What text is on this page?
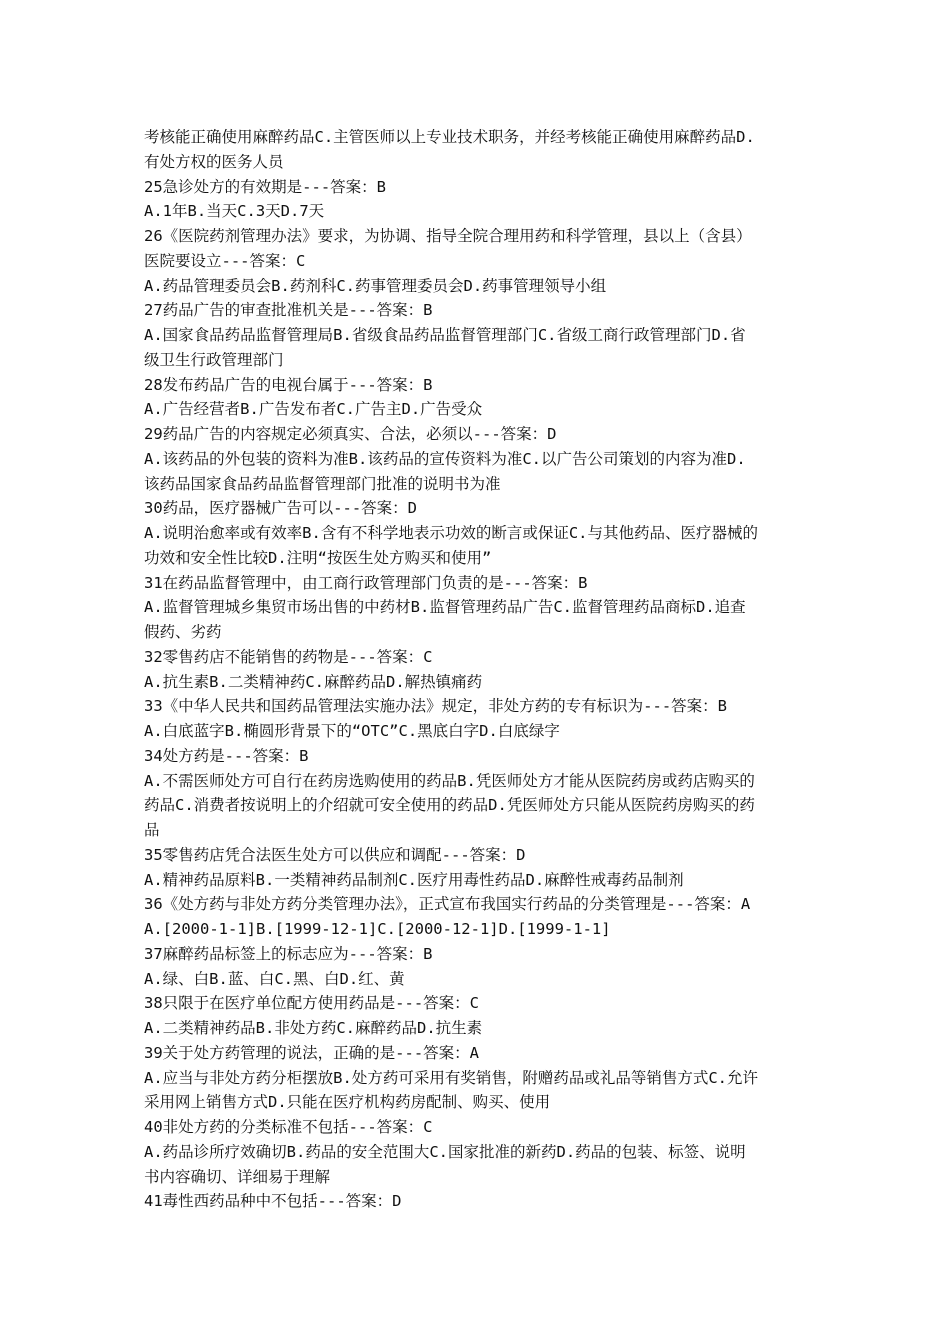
考核能正确使用麻醉药品C.主管医师以上专业技术职务，并经考核能正确使用麻醉药品D.
有处方权的医务人员
25急诊处方的有效期是---答案：B
A.1年B.当天C.3天D.7天
26《医院药剂管理办法》要求，为协调、指导全院合理用药和科学管理，县以上（含县）
医院要设立---答案：C
A.药品管理委员会B.药剂科C.药事管理委员会D.药事管理领导小组
27药品广告的审查批准机关是---答案：B
A.国家食品药品监督管理局B.省级食品药品监督管理部门C.省级工商行政管理部门D.省
级卫生行政管理部门
28发布药品广告的电视台属于---答案：B
A.广告经营者B.广告发布者C.广告主D.广告受众
29药品广告的内容规定必须真实、合法，必须以---答案：D
A.该药品的外包装的资料为准B.该药品的宣传资料为准C.以广告公司策划的内容为准D.
该药品国家食品药品监督管理部门批准的说明书为准
30药品，医疗器械广告可以---答案：D
A.说明治愈率或有效率B.含有不科学地表示功效的断言或保证C.与其他药品、医疗器械的
功效和安全性比较D.注明“按医生处方购买和使用”
31在药品监督管理中，由工商行政管理部门负责的是---答案：B
A.监督管理城乡集贸市场出售的中药材B.监督管理药品广告C.监督管理药品商标D.追查
假药、劣药
32零售药店不能销售的药物是---答案：C
A.抗生素B.二类精神药C.麻醉药品D.解热镇痛药
33《中华人民共和国药品管理法实施办法》规定，非处方药的专有标识为---答案：B
A.白底蓝字B.椭圆形背景下的“OTC”C.黑底白字D.白底绿字
34处方药是---答案：B
A.不需医师处方可自行在药房选购使用的药品B.凭医师处方才能从医院药房或药店购买的
药品C.消费者按说明上的介绍就可安全使用的药品D.凭医师处方只能从医院药房购买的药
品
35零售药店凭合法医生处方可以供应和调配---答案：D
A.精神药品原料B.一类精神药品制剂C.医疗用毒性药品D.麻醉性戒毒药品制剂
36《处方药与非处方药分类管理办法》，正式宣布我国实行药品的分类管理是---答案：A
A.[2000-1-1]B.[1999-12-1]C.[2000-12-1]D.[1999-1-1]
37麻醉药品标签上的标志应为---答案：B
A.绿、白B.蓝、白C.黑、白D.红、黄
38只限于在医疗单位配方使用药品是---答案：C
A.二类精神药品B.非处方药C.麻醉药品D.抗生素
39关于处方药管理的说法，正确的是---答案：A
A.应当与非处方药分柜摆放B.处方药可采用有奖销售，附赠药品或礼品等销售方式C.允许
采用网上销售方式D.只能在医疗机构药房配制、购买、使用
40非处方药的分类标准不包括---答案：C
A.药品诊所疗效确切B.药品的安全范围大C.国家批准的新药D.药品的包装、标签、说明
书内容确切、详细易于理解
41毒性西药品种中不包括---答案：D
